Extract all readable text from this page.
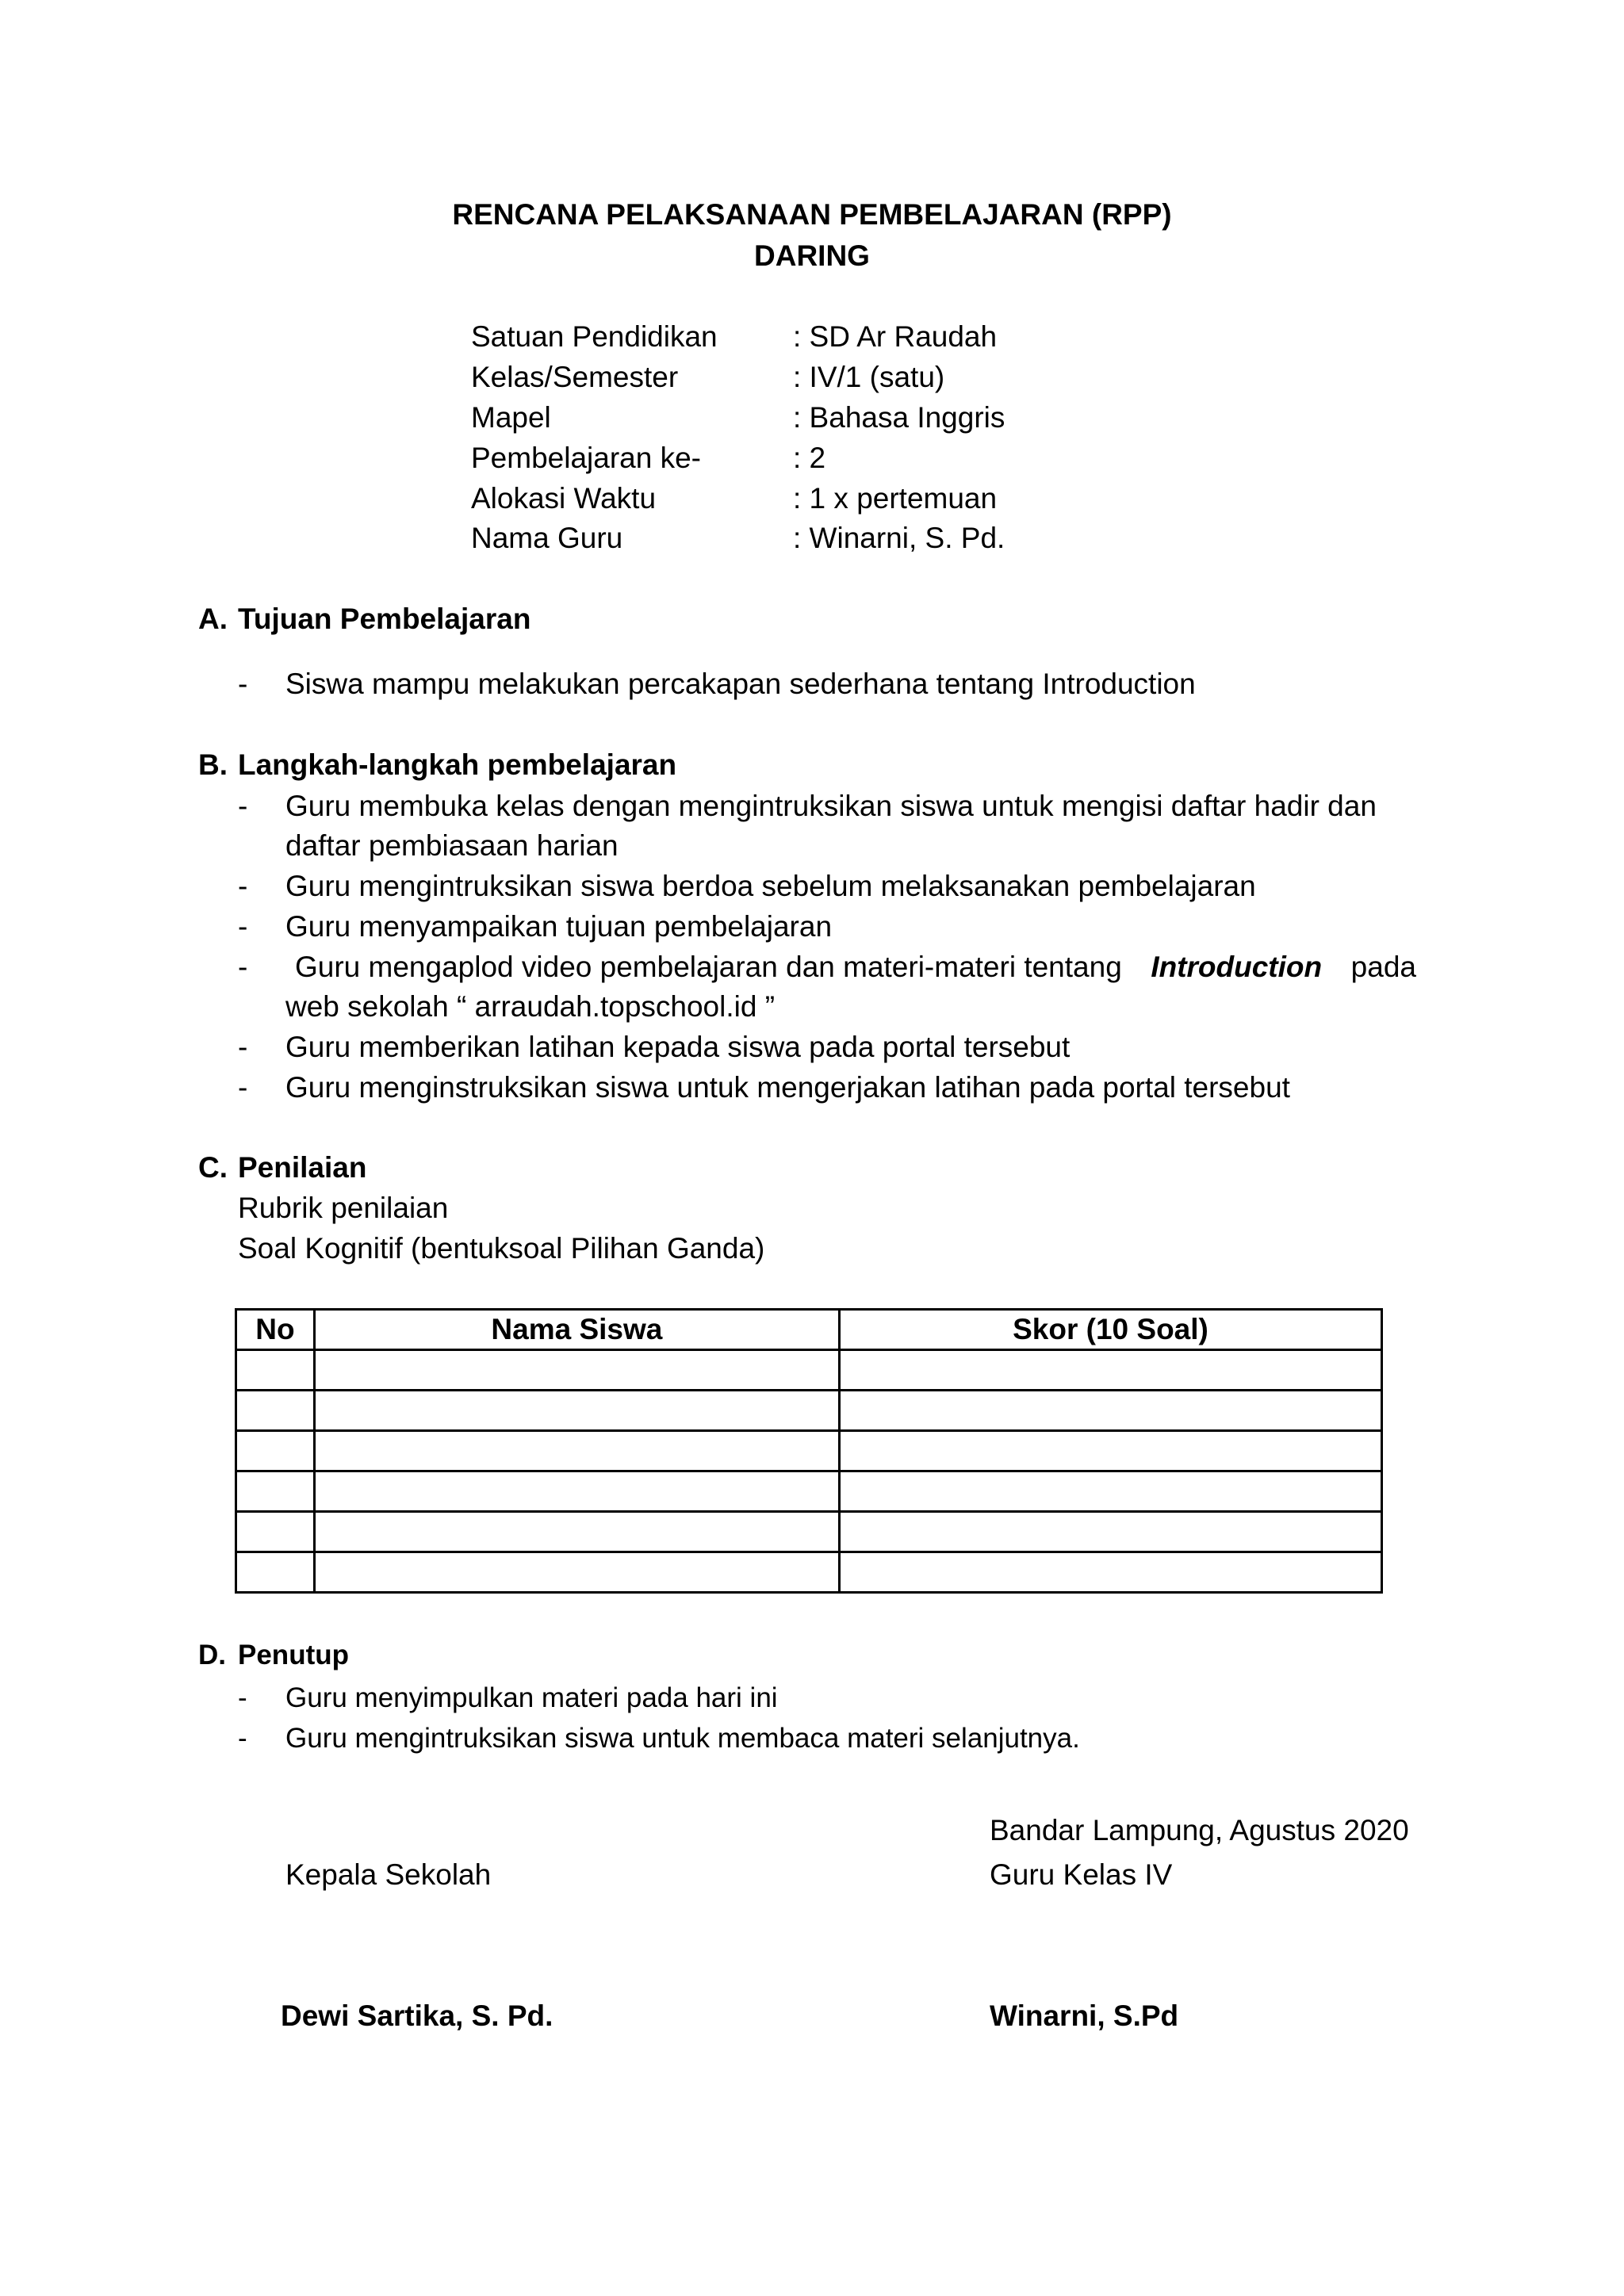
RENCANA PELAKSANAAN PEMBELAJARAN (RPP)
DARING
Satuan Pendidikan	: SD Ar Raudah
Kelas/Semester	: IV/1 (satu)
Mapel	: Bahasa Inggris
Pembelajaran ke-	: 2
Alokasi Waktu	: 1 x pertemuan
Nama Guru	: Winarni, S. Pd.
A. Tujuan Pembelajaran
- Siswa mampu melakukan percakapan sederhana tentang Introduction
B. Langkah-langkah pembelajaran
- Guru membuka kelas dengan mengintruksikan siswa untuk mengisi daftar hadir dan
daftar pembiasaan harian
- Guru mengintruksikan siswa berdoa sebelum melaksanakan pembelajaran
- Guru menyampaikan tujuan pembelajaran
- Guru mengaplod video pembelajaran dan materi-materi tentang Introduction pada
web sekolah “ arraudah.topschool.id ”
- Guru memberikan latihan kepada siswa pada portal tersebut
- Guru menginstruksikan siswa untuk mengerjakan latihan pada portal tersebut
C. Penilaian
Rubrik penilaian
Soal Kognitif (bentuksoal Pilihan Ganda)
No	Nama Siswa	Skor (10 Soal)

D. Penutup
- Guru menyimpulkan materi pada hari ini
- Guru mengintruksikan siswa untuk membaca materi selanjutnya.
Bandar Lampung, Agustus 2020
Kepala Sekolah	Guru Kelas IV
Dewi Sartika, S. Pd.	Winarni, S.Pd
